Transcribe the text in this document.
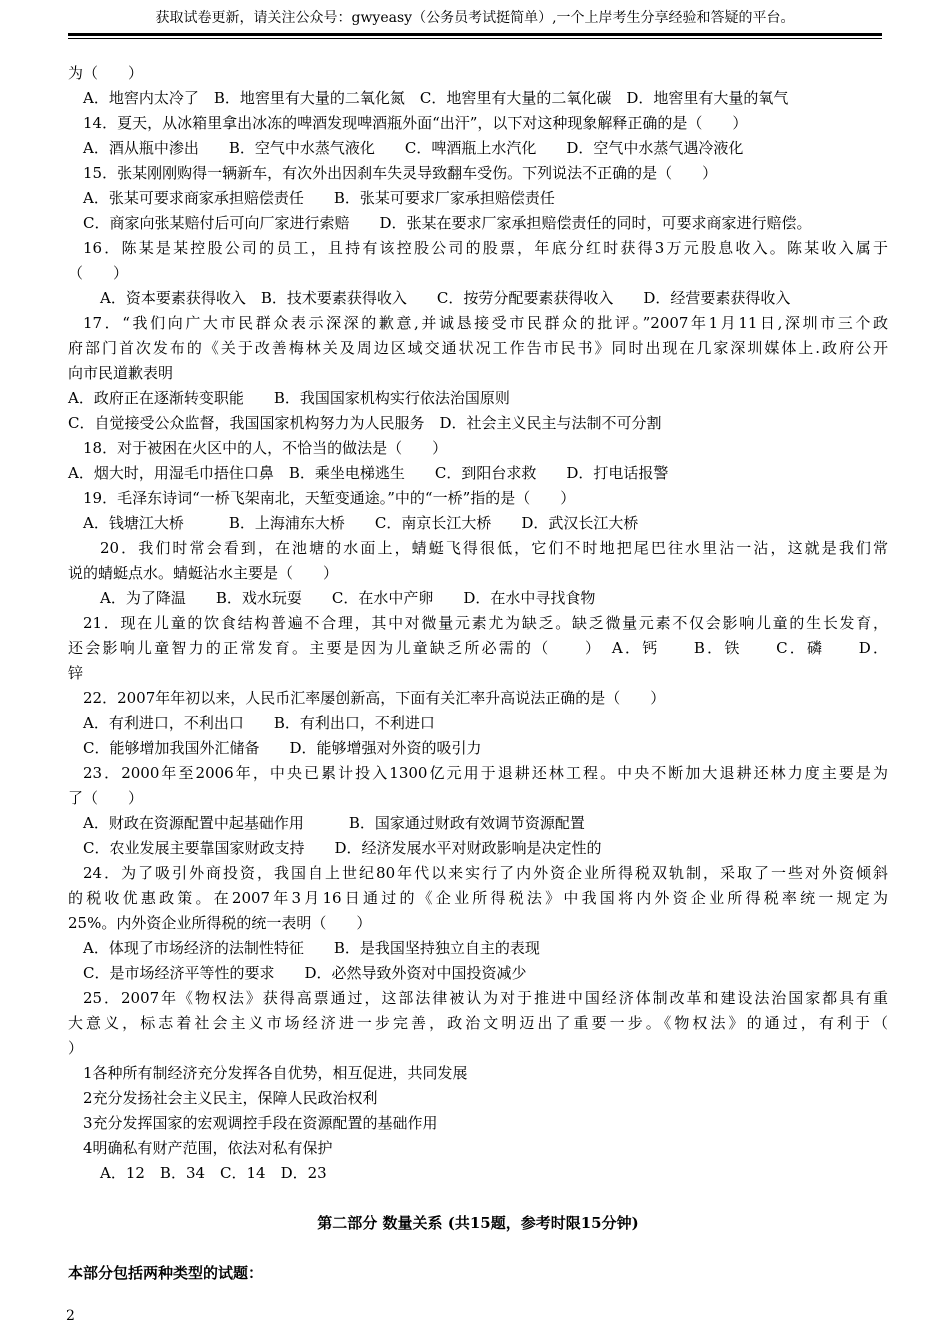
获取试卷更新，请关注公众号：gwyeasy（公务员考试挺简单）,一个上岸考生分享经验和答疑的平台。
为（　　）
A．地窖内太冷了　B．地窖里有大量的二氧化氮　C．地窖里有大量的二氧化碳　D．地窖里有大量的氧气
14．夏天，从冰箱里拿出冰冻的啤酒发现啤酒瓶外面“出汗”，以下对这种现象解释正确的是（　　）
A．酒从瓶中渗出　　B．空气中水蒸气液化　　C．啤酒瓶上水汽化　　D．空气中水蒸气遇冷液化
15．张某刚刚购得一辆新车，有次外出因刹车失灵导致翻车受伤。下列说法不正确的是（　　）
A．张某可要求商家承担赔偿责任　　B．张某可要求厂家承担赔偿责任
C．商家向张某赔付后可向厂家进行索赔　　D．张某在要求厂家承担赔偿责任的同时，可要求商家进行赔偿。
16．陈某是某控股公司的员工，且持有该控股公司的股票，年底分红时获得3万元股息收入。陈某收入属于
（　　）
A．资本要素获得收入　B．技术要素获得收入　　C．按劳分配要素获得收入　　D．经营要素获得收入
17．“我们向广大市民群众表示深深的歉意,并诚恳接受市民群众的批评。”2007年1月11日,深圳市三个政
府部门首次发布的《关于改善梅林关及周边区域交通状况工作告市民书》同时出现在几家深圳媒体上.政府公开
向市民道歉表明
A．政府正在逐渐转变职能　　B．我国国家机构实行依法治国原则
C．自觉接受公众监督，我国国家机构努力为人民服务　D．社会主义民主与法制不可分割
18．对于被困在火区中的人，不恰当的做法是（　　）
A．烟大时，用湿毛巾捂住口鼻　B．乘坐电梯逃生　　C．到阳台求救　　D．打电话报警
19．毛泽东诗词“一桥飞架南北，天堑变通途。”中的“一桥”指的是（　　）
A．钱塘江大桥　　　B．上海浦东大桥　　C．南京长江大桥　　D．武汉长江大桥
20．我们时常会看到，在池塘的水面上，蜻蜓飞得很低，它们不时地把尾巴往水里沾一沾，这就是我们常
说的蜻蜓点水。蜻蜓沾水主要是（　　）
A．为了降温　　B．戏水玩耍　　C．在水中产卵　　D．在水中寻找食物
21．现在儿童的饮食结构普遍不合理，其中对微量元素尤为缺乏。缺乏微量元素不仅会影响儿童的生长发育，
还会影响儿童智力的正常发育。主要是因为儿童缺乏所必需的（　　）　A．钙　　B．铁　　C．磷　　D．
锌
22．2007年年初以来，人民币汇率屡创新高，下面有关汇率升高说法正确的是（　　）
A．有利进口，不利出口　　B．有利出口，不利进口
C．能够增加我国外汇储备　　D．能够增强对外资的吸引力
23．2000年至2006年，中央已累计投入1300亿元用于退耕还林工程。中央不断加大退耕还林力度主要是为
了（　　）
A．财政在资源配置中起基础作用　　　B．国家通过财政有效调节资源配置
C．农业发展主要靠国家财政支持　　D．经济发展水平对财政影响是决定性的
24．为了吸引外商投资，我国自上世纪80年代以来实行了内外资企业所得税双轨制，采取了一些对外资倾斜
的税收优惠政策。在2007年3月16日通过的《企业所得税法》中我国将内外资企业所得税率统一规定为
25%。内外资企业所得税的统一表明（　　）
A．体现了市场经济的法制性特征　　B．是我国坚持独立自主的表现
C．是市场经济平等性的要求　　D．必然导致外资对中国投资减少
25．2007年《物权法》获得高票通过，这部法律被认为对于推进中国经济体制改革和建设法治国家都具有重
大意义，标志着社会主义市场经济进一步完善，政治文明迈出了重要一步。《物权法》的通过，有利于（
）
1各种所有制经济充分发挥各自优势，相互促进，共同发展
2充分发扬社会主义民主，保障人民政治权利
3充分发挥国家的宏观调控手段在资源配置的基础作用
4明确私有财产范围，依法对私有保护
A．12　B．34　C．14　D．23
第二部分 数量关系 (共15题，参考时限15分钟)
本部分包括两种类型的试题：
2
